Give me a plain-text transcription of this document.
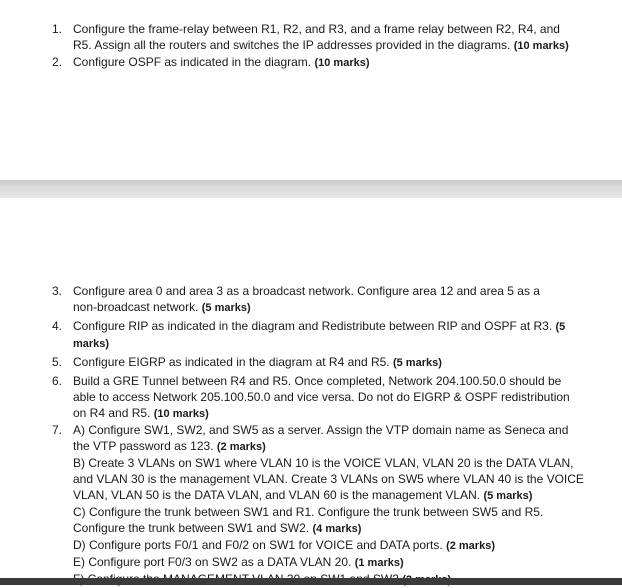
1. Configure the frame-relay between R1, R2, and R3, and a frame relay between R2, R4, and
R5. Assign all the routers and switches the IP addresses provided in the diagrams. (10 marks)
2. Configure OSPF as indicated in the diagram. (10 marks)
3. Configure area 0 and area 3 as a broadcast network. Configure area 12 and area 5 as a
non-broadcast network. (5 marks)
4. Configure RIP as indicated in the diagram and Redistribute between RIP and OSPF at R3. (5
marks)
5. Configure EIGRP as indicated in the diagram at R4 and R5. (5 marks)
6. Build a GRE Tunnel between R4 and R5. Once completed, Network 204.100.50.0 should be
able to access Network 205.100.50.0 and vice versa. Do not do EIGRP & OSPF redistribution
on R4 and R5. (10 marks)
7. A) Configure SW1, SW2, and SW5 as a server. Assign the VTP domain name as Seneca and
the VTP password as 123. (2 marks)
B) Create 3 VLANs on SW1 where VLAN 10 is the VOICE VLAN, VLAN 20 is the DATA VLAN,
and VLAN 30 is the management VLAN. Create 3 VLANs on SW5 where VLAN 40 is the VOICE
VLAN, VLAN 50 is the DATA VLAN, and VLAN 60 is the management VLAN. (5 marks)
C) Configure the trunk between SW1 and R1. Configure the trunk between SW5 and R5.
Configure the trunk between SW1 and SW2. (4 marks)
D) Configure ports F0/1 and F0/2 on SW1 for VOICE and DATA ports. (2 marks)
E) Configure port F0/3 on SW2 as a DATA VLAN 20. (1 marks)
